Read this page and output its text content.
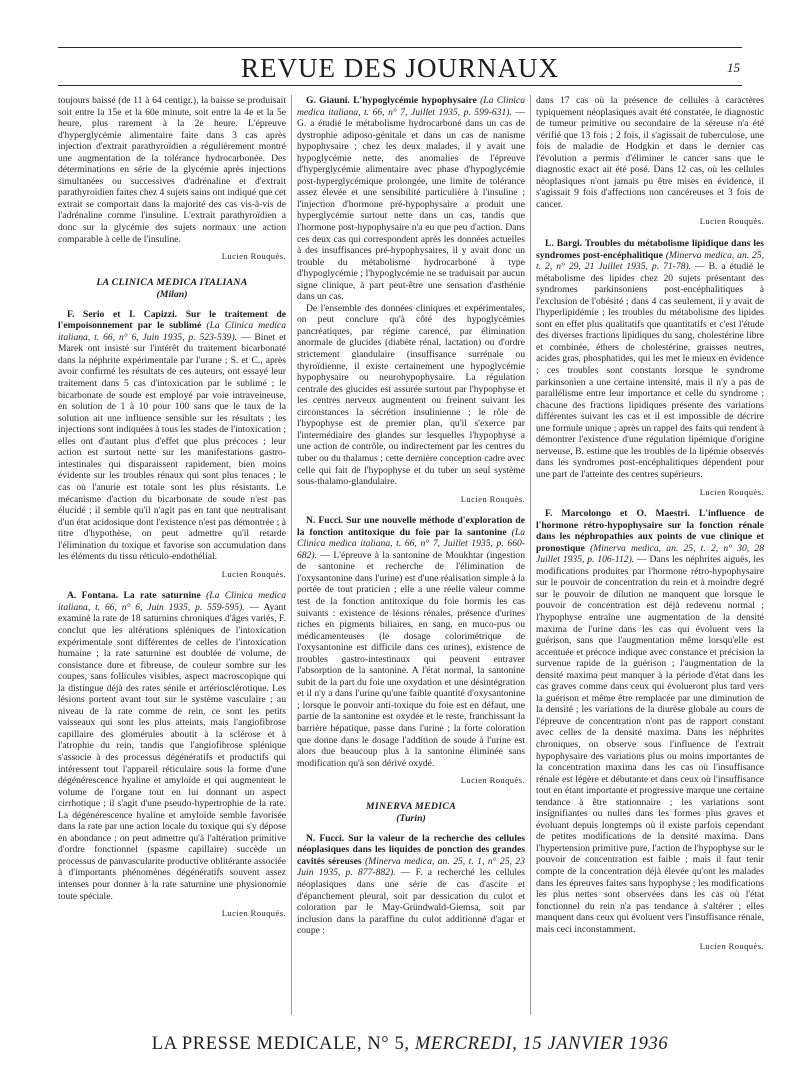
REVUE DES JOURNAUX	15

toujours baissé (de 11 à 64 centigr.), la baisse se produisait soit entre la 15e et la 60e minute, soit entre la 4e et la 5e heure, plus rarement à la 2e heure. L'épreuve d'hyperglycémie alimentaire faite dans 3 cas après injection d'extrait parathyroïdien a régulièrement montré une augmentation de la tolérance hydrocarbonée. Des déterminations en série de la glycémie après injections simultanées ou successives d'adrénaline et d'extrait parathyroïdien faites chez 4 sujets sains ont indiqué que cet extrait se comportait dans la majorité des cas vis-à-vis de l'adrénaline comme l'insuline. L'extrait parathyroïdien a donc sur la glycémie des sujets normaux une action comparable à celle de l'insuline.

Lucien Rouquès.
LA CLINICA MEDICA ITALIANA
(Milan)

F. Serio et I. Capizzi. Sur le traitement de l'empoisonnement par le sublimé (La Clinica medica italiana, t. 66, n° 6, Juin 1935, p. 523-539). — Binet et Marek ont insisté sur l'intérêt du traitement bicarbonaté dans la néphrite expérimentale par l'urane ; S. et C., après avoir confirmé les résultats de ces auteurs, ont essayé leur traitement dans 5 cas d'intoxication par le sublimé ; le bicarbonate de soude est employé par voie intraveineuse, en solution de 1 à 10 pour 100 sans que le taux de la solution ait une influence sensible sur les résultats ; les injections sont indiquées à tous les stades de l'intoxication ; elles ont d'autant plus d'effet que plus précoces ; leur action est surtout nette sur les manifestations gastro-intestinales qui disparaissent rapidement, bien moins évidente sur les troubles rénaux qui sont plus tenaces ; le cas où l'anurie est totale sont les plus résistants. Le mécanisme d'action du bicarbonate de soude n'est pas élucidé ; il semble qu'il n'agit pas en tant que neutralisant d'un état acidosique dont l'existence n'est pas démontrée ; à titre d'hypothèse, on peut admettre qu'il retarde l'élimination du toxique et favorise son accumulation dans les éléments du tissu réticulo-endothélial.

Lucien Rouquès.

A. Fontana. La rate saturnine (La Clinica medica italiana, t. 66, n° 6, Juin 1935, p. 559-595). — Ayant examiné la rate de 18 saturnins chroniques d'âges variés, F. conclut que les altérations spléniques de l'intoxication expérimentale sont différentes de celles de l'intoxication humaine ; la rate saturnine est doublée de volume, de consistance dure et fibreuse, de couleur sombre sur les coupes, sans follicules visibles, aspect macroscopique qui la distingue déjà des rates sénile et artériosclérotique. Les lésions portent avant tout sur le système vasculaire ; au niveau de la rate comme de rein, ce sont les petits vaisseaux qui sont les plus atteints, mais l'angiofibrose capillaire des glomérules aboutit à la sclérose et à l'atrophie du rein, tandis que l'angiofibrose splénique s'associe à des processus dégénératifs et productifs qui intéressent tout l'appareil réticulaire sous la forme d'une dégénérescence hyaline et amyloïde et qui augmentent le volume de l'organe tout en lui donnant un aspect cirrhotique ; il s'agit d'une pseudo-hypertrophie de la rate. La dégénérescence hyaline et amyloïde semble favorisée dans la rate par une action locale du toxique qui s'y dépose en abondance ; on peut admettre qu'à l'altération primitive d'ordre fonctionnel (spasme capillaire) succède un processus de panvascularite productive oblitérante associée à d'importants phénomènes dégénératifs souvent assez intenses pour donner à la rate saturnine une physionomie toute spéciale.

Lucien Rouquès.

G. Giauni. L'hypoglycémie hypophysaire (La Clinica medica italiana, t. 66, n° 7, Juillet 1935, p. 599-631). — G. a étudié le métabolisme hydrocarboné dans un cas de dystrophie adiposo-génitale et dans un cas de nanisme hypophysaire ; chez les deux malades, il y avait une hypoglycémie nette, des anomalies de l'épreuve d'hyperglycémie alimentaire avec phase d'hypoglycémie post-hyperglycémique prolongée, une limite de tolérance assez élevée et une sensibilité particulière à l'insuline ; l'injection d'hormone pré-hypophysaire a produit une hyperglycémie surtout nette dans un cas, tandis que l'hormone post-hypophysaire n'a eu que peu d'action. Dans ces deux cas qui correspondent après les données actuelles à des insuffisances pré-hypophysaires, il y avait donc un trouble du métabolisme hydrocarboné à type d'hypoglycémie ; l'hypoglycémie ne se traduisait par aucun signe clinique, à part peut-être une sensation d'asthénie dans un cas.

De l'ensemble des données cliniques et expérimentales, on peut conclure qu'à côté des hypoglycémies pancréatiques, par régime carencé, par élimination anormale de glucides (diabète rénal, lactation) ou d'ordre strictement glandulaire (insuffisance surrénale ou thyroïdienne, il existe certainement une hypoglycémie hypophysaire ou neurohypophysaire. La régulation centrale des glucides est assurée surtout par l'hypophyse et les centres nerveux augmentent ou freinent suivant les circonstances la sécrétion insulinienne ; le rôle de l'hypophyse est de premier plan, qu'il s'exerce par l'intermédiaire des glandes sur lesquelles l'hypophyse a une action de contrôle, ou indirectement par les centres du tuber ou du thalamus ; cette dernière conception cadre avec celle qui fait de l'hypophyse et du tuber un seul système sous-thalamo-glandulaire.

Lucien Rouquès.

N. Fucci. Sur une nouvelle méthode d'exploration de la fonction antitoxique du foie par la santonine (La Clinica medica italiana, t. 66, n° 7, Juillet 1935, p. 660-682). — L'épreuve à la santonine de Moukhtar (ingestion de santonine et recherche de l'élimination de l'oxysantonine dans l'urine) est d'une réalisation simple à la portée de tout praticien ; elle a une réelle valeur comme test de la fonction antitoxique du foie hormis les cas suivants : existence de lésions rénales, présence d'urines riches en pigments biliaires, en sang, en muco-pus ou médicamenteuses (le dosage colorimétrique de l'oxysantonine est difficile dans ces urines), existence de troubles gastro-intestinaux qui peuvent entraver l'absorption de la santonine. A l'état normal, la santonine subit de la part du foie une oxydation et une désintégration et il n'y a dans l'urine qu'une faible quantité d'oxysantonine ; lorsque le pouvoir anti-toxique du foie est en défaut, une partie de la santonine est oxydée et le reste, franchissant la barrière hépatique, passe dans l'urine ; la forte coloration que donne dans le dosage l'addition de soude à l'urine est alors due beaucoup plus à la santonine éliminée sans modification qu'à son dérivé oxydé.

Lucien Rouquès.
MINERVA MEDICA
(Turin)

N. Fucci. Sur la valeur de la recherche des cellules néoplasiques dans les liquides de ponction des grandes cavités séreuses (Minerva medica, an. 25, t. 1, n° 25, 23 Juin 1935, p. 877-882). — F. a recherché les cellules néoplasiques dans une série de cas d'ascite et d'épanchement pleural, soit par dessication du culot et coloration par le May-Gründwald-Giemsa, soit par inclusion dans la paraffine du culot additionné d'agar et coupe :

dans 17 cas où la présence de cellules à caractères typiquement néoplasiques avait été constatée, le diagnostic de tumeur primitive ou secondaire de la séreuse n'a été vérifié que 13 fois ; 2 fois, il s'agissait de tuberculose, une fois de maladie de Hodgkin et dans le dernier cas l'évolution a permis d'éliminer le cancer sans que le diagnostic exact ait été posé. Dans 12 cas, où les cellules néoplasiques n'ont jamais pu être mises en évidence, il s'agissait 9 fois d'affections non cancéreuses et 3 fois de cancer.

Lucien Rouquès.

L. Bargi. Troubles du métabolisme lipidique dans les syndromes post-encéphalitique (Minerva medica, an. 25, t. 2, n° 29, 21 Juillet 1935, p. 71-78). — B. a étudié le métabolisme des lipides chez 20 sujets présentant des syndromes parkinsoniens post-encéphalitiques à l'exclusion de l'obésité ; dans 4 cas seulement, il y avait de l'hyperlipidémie ; les troubles du métabolisme des lipides sont en effet plus qualitatifs que quantitatifs et c'est l'étude des diverses fractions lipidiques du sang, cholestérine libre et combinée, éthers de cholestérine, graisses neutres, acides gras, phosphatides, qui les met le mieux en évidence ; ces troubles sont constants lorsque le syndrome parkinsonien a une certaine intensité, mais il n'y a pas de parallélisme entre leur importance et celle du syndrome ; chacune des fractions lipidiques présente des variations différentes suivant les cas et il est impossible de décrire une formule unique ; après un rappel des faits qui tendent à démontrer l'existence d'une régulation lipémique d'origine nerveuse, B. estime que les troubles de la lipémie observés dans les syndromes post-encéphalitiques dépendent pour une part de l'atteinte des centres supérieurs.

Lucien Rouquès.

F. Marcolongo et O. Maestri. L'influence de l'hormone rétro-hypophysaire sur la fonction rénale dans les néphropathies aux points de vue clinique et pronostique (Minerva medica, an. 25, t. 2, n° 30, 28 Juillet 1935, p. 106-112). — Dans les néphrites aiguës, les modifications produites par l'hormone rétro-hypophysaire sur le pouvoir de concentration du rein et à moindre degré sur le pouvoir de dilution ne manquent que lorsque le pouvoir de concentration est déjà redevenu normal ; l'hypophyse entraîne une augmentation de la densité maxima de l'urine dans les cas qui évoluent vers la guérison, sans que l'augmentation même lorsqu'elle est accentuée et précoce indique avec constance et précision la survenue rapide de la guérison ; l'augmentation de la densité maxima peut manquer à la période d'état dans les cas graves comme dans ceux qui évolueront plus tard vers la guérison et même être remplacée par une diminution de la densité ; les variations de la diurèse globale au cours de l'épreuve de concentration n'ont pas de rapport constant avec celles de la densité maxima. Dans les néphrites chroniques, on observe sous l'influence de l'extrait hypophysaire des variations plus ou moins importantes de la concentration maxima dans les cas où l'insuffisance rénale est légère et débutante et dans ceux où l'insuffisance tout en étant importante et progressive marque une certaine tendance à être stationnaire ; les variations sont insignifiantes ou nulles dans les formes plus graves et évoluant depuis longtemps où il existe parfois cependant de petites modifications de la densité maxima. Dans l'hypertension primitive pure, l'action de l'hypophyse sur le pouvoir de concentration est faible ; mais il faut tenir compte de la concentration déjà élevée qu'ont les malades dans les épreuves faites sans hypophyse ; les modifications les plus nettes sont observées dans les cas où l'état fonctionnel du rein n'a pas tendance à s'altérer ; elles manquent dans ceux qui évoluent vers l'insuffisance rénale, mais ceci inconstamment.

Lucien Rouquès.
LA PRESSE MEDICALE, N° 5, MERCREDI, 15 JANVIER 1936
